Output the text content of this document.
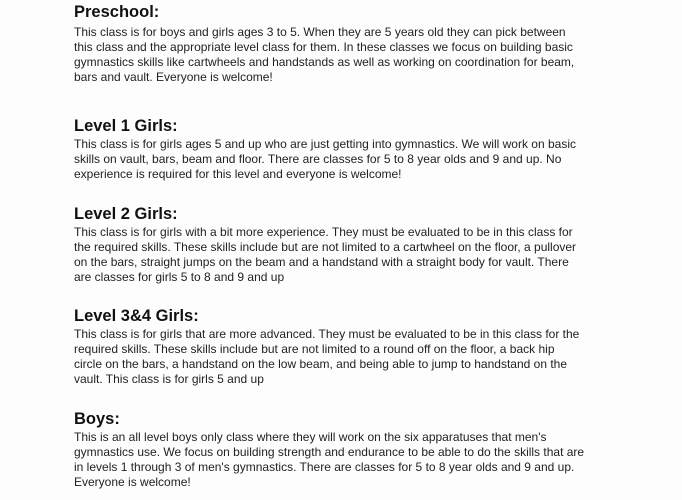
Preschool:

This class is for boys and girls ages 3 to 5. When they are 5 years old they can pick between
this class and the appropriate level class for them. In these classes we focus on building basic
gymnastics skills like cartwheels and handstands as well as working on coordination for beam,
bars and vault. Everyone is welcome!

Level 1 Girls:

This class is for girls ages 5 and up who are just getting into gymnastics. We will work on basic
skills on vault, bars, beam and floor. There are classes for 5 to 8 year olds and 9 and up. No
experience is required for this level and everyone is welcome!

Level 2 Girls:

This class is for girls with a bit more experience. They must be evaluated to be in this class for
the required skills. These skills include but are not limited to a cartwheel on the floor, a pullover
on the bars, straight jumps on the beam and a handstand with a straight body for vault. There
are classes for girls 5 to 8 and 9 and up

Level 3&4 Girls:

This class is for girls that are more advanced. They must be evaluated to be in this class for the
required skills. These skills include but are not limited to a round off on the floor, a back hip
circle on the bars, a handstand on the low beam, and being able to jump to handstand on the
vault. This class is for girls 5 and up

Boys:

This is an all level boys only class where they will work on the six apparatuses that men's
gymnastics use. We focus on building strength and endurance to be able to do the skills that are
in levels 1 through 3 of men's gymnastics. There are classes for 5 to 8 year olds and 9 and up.
Everyone is welcome!
